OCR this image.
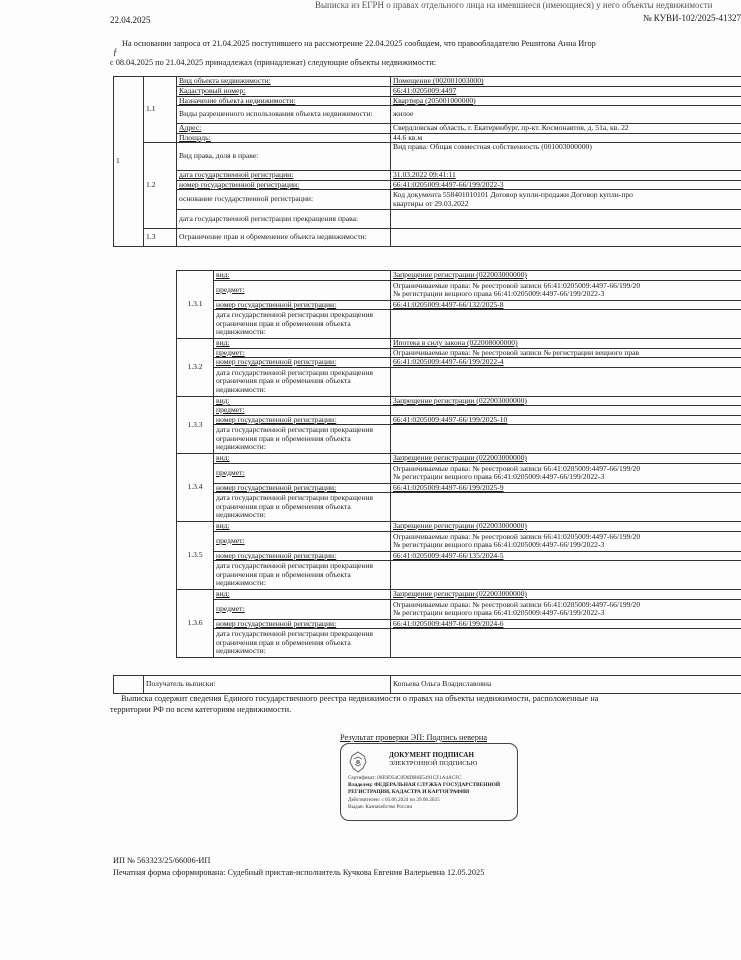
22.04.2025
Выписка из ЕГРН о правах отдельного лица на имевшиеся (имеющиеся) у него объекты недвижимости
№ КУВИ-102/2025-41327
На основании запроса от 21.04.2025 поступившего на рассмотрение 22.04.2025 сообщаем, что правообладателю Решитова Анна Игор
ƒ
с 08.04.2025 по 21.04.2025 принадлежал (принадлежат) следующие объекты недвижимости:
1	1.1	Вид объекта недвижимости:	Помещение (002001003000)
		Кадастровый номер:	66:41:0205009:4497
		Назначение объекта недвижимости:	Квартира (205001000000)
		Виды разрешенного использования объекта недвижимости:	жилое
		Адрес:	Свердловская область, г. Екатеринбург, пр-кт. Космонавтов, д. 51а, кв. 22
		Площадь:	44.6 кв.м
	1.2	Вид права, доля в праве:	Вид права: Общая совместная собственность (001003000000)
		дата государственной регистрации:	31.03.2022 09:41:11
		номер государственной регистрации:	66:41:0205009:4497-66/199/2022-3
		основание государственной регистрации:	Код документа 558401010101 Договор купли-продажи Договор купли-про
квартиры от 29.03.2022

		дата государственной регистрации прекращения права:	
	1.3	Ограничение прав и обременение объекта недвижимости:	
1.3.1	вид:	Запрещение регистрации (022003000000)
	предмет:	Ограничиваемые права: № реестровой записи 66:41:0205009:4497-66/199/20
№ регистрации вещного права 66:41:0205009:4497-66/199/2022-3

	номер государственной регистрации:	66:41:0205009:4497-66/132/2025-8
	дата государственной регистрации прекращения ограничения прав и обременения объекта недвижимости:	
1.3.2	вид:	Ипотека в силу закона (022008000000)
	предмет:	Ограничиваемые права: № реестровой записи № регистрации вещного прав

	номер государственной регистрации:	66:41:0205009:4497-66/199/2022-4
	дата государственной регистрации прекращения ограничения прав и обременения объекта недвижимости:	
1.3.3	вид:	Запрещение регистрации (022003000000)
	предмет:	

	номер государственной регистрации:	66:41:0205009:4497-66/199/2025-10
	дата государственной регистрации прекращения ограничения прав и обременения объекта недвижимости:	
1.3.4	вид:	Запрещение регистрации (022003000000)
	предмет:	Ограничиваемые права: № реестровой записи 66:41:0205009:4497-66/199/20
№ регистрации вещного права 66:41:0205009:4497-66/199/2022-3

	номер государственной регистрации:	66:41:0205009:4497-66/199/2025-9
	дата государственной регистрации прекращения ограничения прав и обременения объекта недвижимости:	
1.3.5	вид:	Запрещение регистрации (022003000000)
	предмет:	Ограничиваемые права: № реестровой записи 66:41:0205009:4497-66/199/20
№ регистрации вещного права 66:41:0205009:4497-66/199/2022-3

	номер государственной регистрации:	66:41:0205009:4497-66/135/2024-5
	дата государственной регистрации прекращения ограничения прав и обременения объекта недвижимости:	
1.3.6	вид:	Запрещение регистрации (022003000000)
	предмет:	Ограничиваемые права: № реестровой записи 66:41:0205009:4497-66/199/20
№ регистрации вещного права 66:41:0205009:4497-66/199/2022-3

	номер государственной регистрации:	66:41:0205009:4497-66/199/2024-6
	дата государственной регистрации прекращения ограничения прав и обременения объекта недвижимости:	
	Получатель выписки:	Копьева Ольга Владиславовна
Выписка содержит сведения Единого государственного реестра недвижимости о правах на объекты недвижимости, расположенные на
территории РФ по всем категориям недвижимости.
Результат проверки ЭП: Подпись неверна
ДОКУМЕНТ ПОДПИСАН
ЭЛЕКТРОННОЙ ПОДПИСЬЮ
Сертификат: 00E9D54C0D0DB6E5491CF1A4ACFC
Владелец: ФЕДЕРАЛЬНАЯ СЛУЖБА ГОСУДАРСТВЕННОЙ
РЕГИСТРАЦИИ, КАДАСТРА И КАРТОГРАФИИ
Действителен: с 05.06.2024 по 29.08.2025
Выдан: Казначейство России
ИП № 563323/25/66006-ИП
Печатная форма сформирована: Судебный пристав-исполнитель Кучкова Евгения Валерьевна 12.05.2025
